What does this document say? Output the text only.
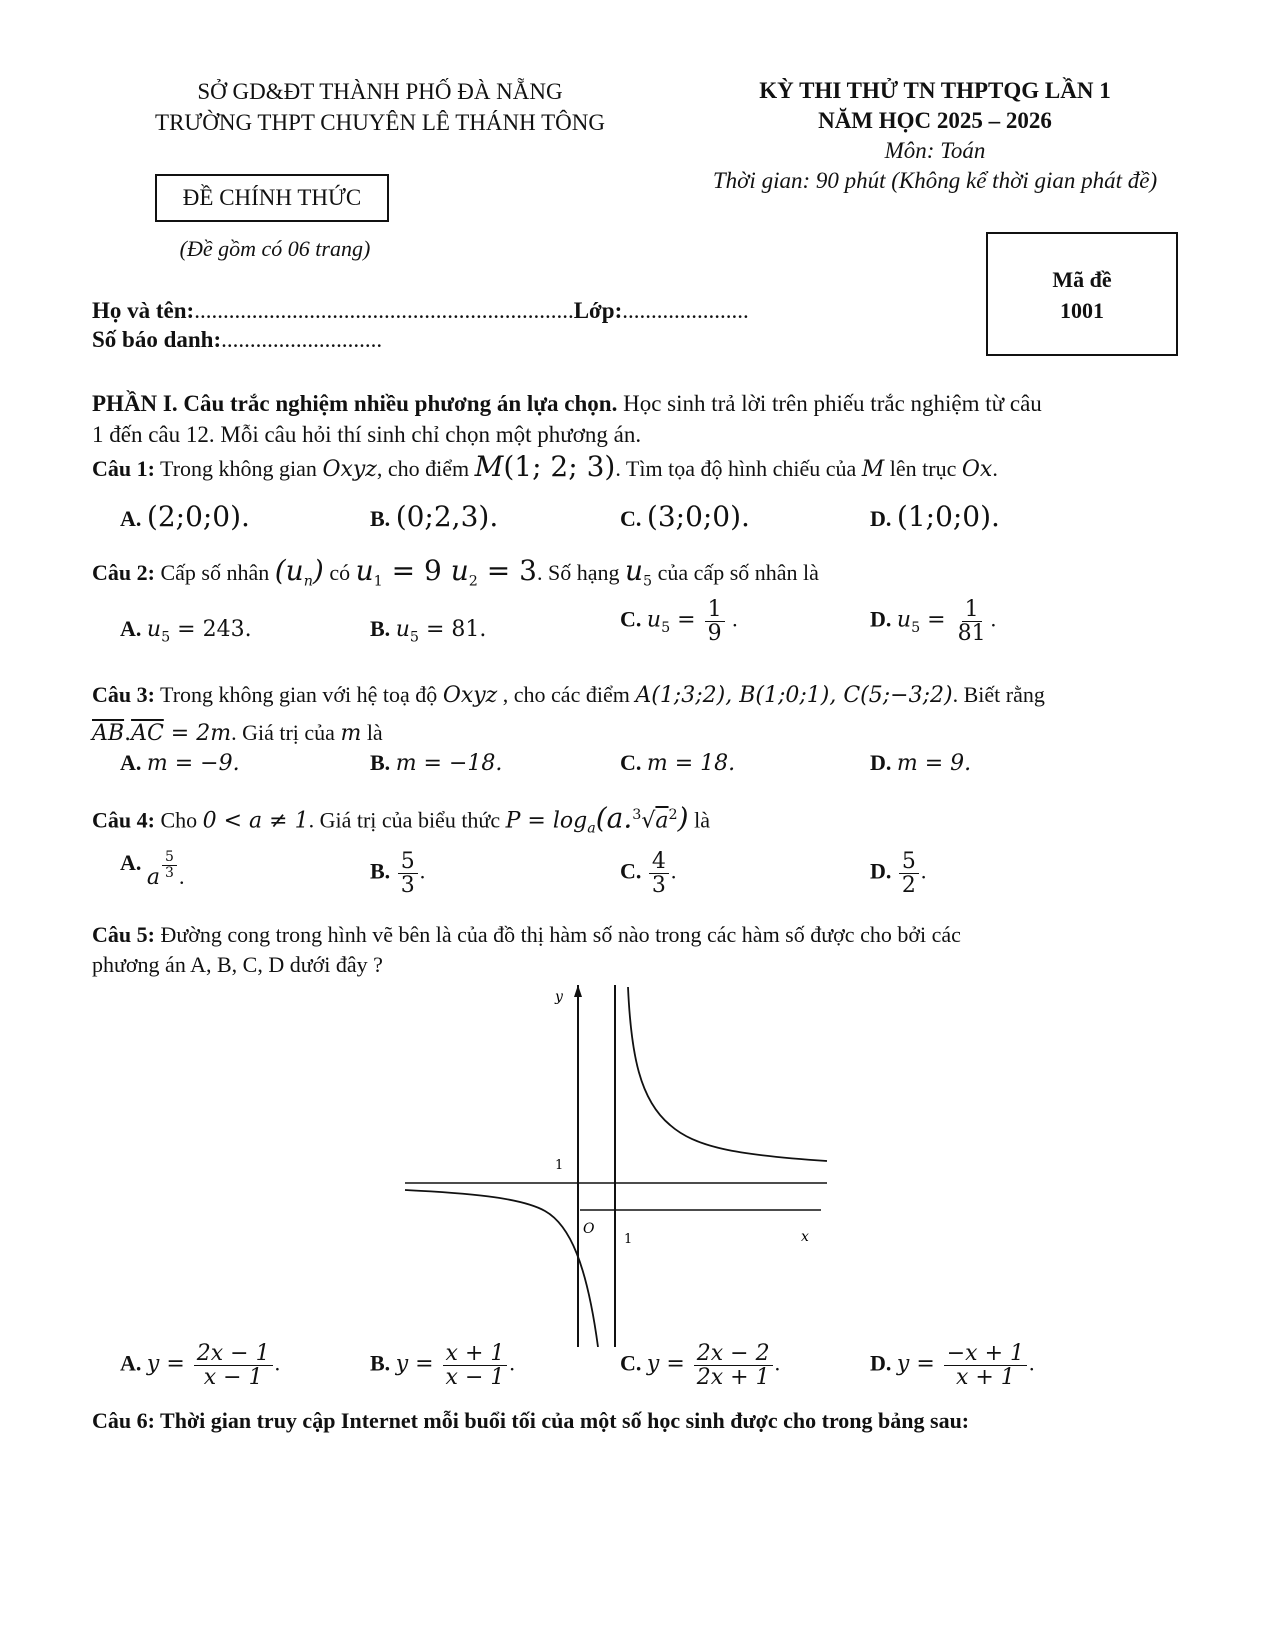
SỞ GD&ĐT THÀNH PHỐ ĐÀ NẴNG
TRƯỜNG THPT CHUYÊN LÊ THÁNH TÔNG
KỲ THI THỬ TN THPTQG LẦN 1
NĂM HỌC 2025 – 2026
Môn: Toán
Thời gian: 90 phút (Không kể thời gian phát đề)
ĐỀ CHÍNH THỨC
(Đề gồm có 06 trang)
Mã đề
1001
Họ và tên:..................................................................Lớp:......................
Số báo danh:............................
PHẦN I. Câu trắc nghiệm nhiều phương án lựa chọn. Học sinh trả lời trên phiếu trắc nghiệm từ câu
1 đến câu 12. Mỗi câu hỏi thí sinh chỉ chọn một phương án.
Câu 1: Trong không gian Oxyz, cho điểm M(1; 2; 3). Tìm tọa độ hình chiếu của M lên trục Ox.
A. (2;0;0).	B. (0;2,3).	C. (3;0;0).	D. (1;0;0).
Câu 2: Cấp số nhân $(u_n)$ có $u_1 = 9$ $u_2 = 3$. Số hạng $u_5$ của cấp số nhân là
A. $u_5 = 243$.	B. $u_5 = 81$.	C. $u_5 = \frac{1}{9}$ .	D. $u_5 = \frac{1}{81}$ .
Câu 3: Trong không gian với hệ toạ độ Oxyz , cho các điểm A(1;3;2), B(1;0;1), C(5;−3;2). Biết rằng
$\overline{AB}.\overline{AC} = 2m$. Giá trị của m là
A. m = −9.	B. m = −18.	C. m = 18.	D. m = 9.
Câu 4: Cho 0 < a ≠ 1. Giá trị của biểu thức $P = \log_a(a.^3√a^2)$ là
A. a $\frac{5}{3}$ .	B. $\frac{5}{3}$ .	C. $\frac{4}{3}$ .	D. $\frac{5}{2}$ .
Câu 5: Đường cong trong hình vẽ bên là của đồ thị hàm số nào trong các hàm số được cho bởi các
phương án A, B, C, D dưới đây ?
y
x
O
1
1
A. $y = \frac{2x - 1}{x - 1}$ .	B. $y = \frac{x + 1}{x - 1}$ .	C. $y = \frac{2x - 2}{2x + 1}$ .	D. $y = \frac{-x + 1}{x + 1}$ .
Câu 6: Thời gian truy cập Internet mỗi buổi tối của một số học sinh được cho trong bảng sau:
